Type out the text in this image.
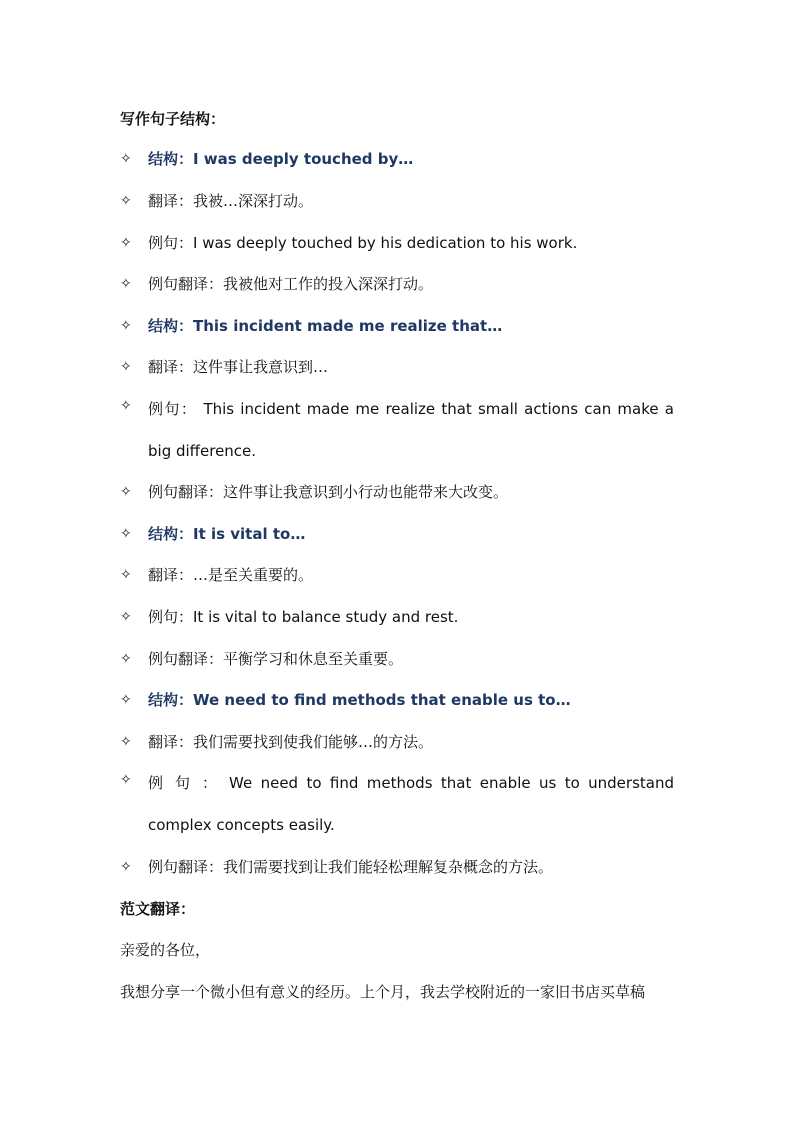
写作句子结构：
✧ 结构：I was deeply touched by…
✧ 翻译：我被…深深打动。
✧ 例句：I was deeply touched by his dedication to his work.
✧ 例句翻译：我被他对工作的投入深深打动。
✧ 结构：This incident made me realize that…
✧ 翻译：这件事让我意识到…
✧ 例句： This incident made me realize that small actions can make a
big difference.
✧ 例句翻译：这件事让我意识到小行动也能带来大改变。
✧ 结构：It is vital to…
✧ 翻译：…是至关重要的。
✧ 例句：It is vital to balance study and rest.
✧ 例句翻译：平衡学习和休息至关重要。
✧ 结构：We need to find methods that enable us to…
✧ 翻译：我们需要找到使我们能够…的方法。
✧ 例 句 ： We need to find methods that enable us to understand
complex concepts easily.
✧ 例句翻译：我们需要找到让我们能轻松理解复杂概念的方法。
范文翻译：
亲爱的各位，
我想分享一个微小但有意义的经历。上个月，我去学校附近的一家旧书店买草稿
